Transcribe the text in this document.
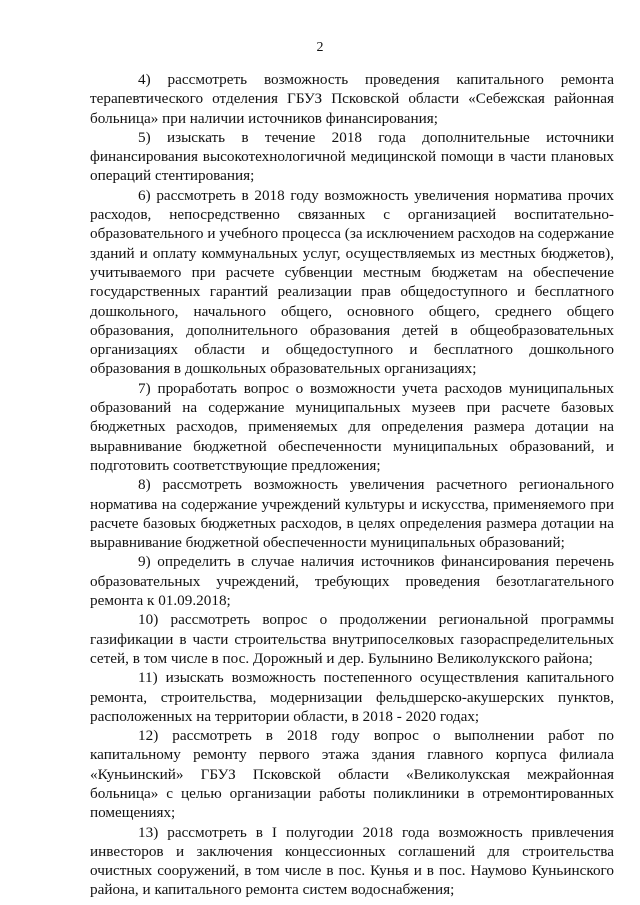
2

4) рассмотреть возможность проведения капитального ремонта терапевтического отделения ГБУЗ Псковской области «Себежская районная больница» при наличии источников финансирования;

5) изыскать в течение 2018 года дополнительные источники финансирования высокотехнологичной медицинской помощи в части плановых операций стентирования;

6) рассмотреть в 2018 году возможность увеличения норматива прочих расходов, непосредственно связанных с организацией воспитательно-образовательного и учебного процесса (за исключением расходов на содержание зданий и оплату коммунальных услуг, осуществляемых из местных бюджетов), учитываемого при расчете субвенции местным бюджетам на обеспечение государственных гарантий реализации прав общедоступного и бесплатного дошкольного, начального общего, основного общего, среднего общего образования, дополнительного образования детей в общеобразовательных организациях области и общедоступного и бесплатного дошкольного образования в дошкольных образовательных организациях;

7) проработать вопрос о возможности учета расходов муниципальных образований на содержание муниципальных музеев при расчете базовых бюджетных расходов, применяемых для определения размера дотации на выравнивание бюджетной обеспеченности муниципальных образований, и подготовить соответствующие предложения;

8) рассмотреть возможность увеличения расчетного регионального норматива на содержание учреждений культуры и искусства, применяемого при расчете базовых бюджетных расходов, в целях определения размера дотации на выравнивание бюджетной обеспеченности муниципальных образований;

9) определить в случае наличия источников финансирования перечень образовательных учреждений, требующих проведения безотлагательного ремонта к 01.09.2018;

10) рассмотреть вопрос о продолжении региональной программы газификации в части строительства внутрипоселковых газораспределительных сетей, в том числе в пос. Дорожный и дер. Булынино Великолукского района;

11) изыскать возможность постепенного осуществления капитального ремонта, строительства, модернизации фельдшерско-акушерских пунктов, расположенных на территории области, в 2018 - 2020 годах;

12) рассмотреть в 2018 году вопрос о выполнении работ по капитальному ремонту первого этажа здания главного корпуса филиала «Куньинский» ГБУЗ Псковской области «Великолукская межрайонная больница» с целью организации работы поликлиники в отремонтированных помещениях;

13) рассмотреть в I полугодии 2018 года возможность привлечения инвесторов и заключения концессионных соглашений для строительства очистных сооружений, в том числе в пос. Кунья и в пос. Наумово Куньинского района, и капитального ремонта систем водоснабжения;
